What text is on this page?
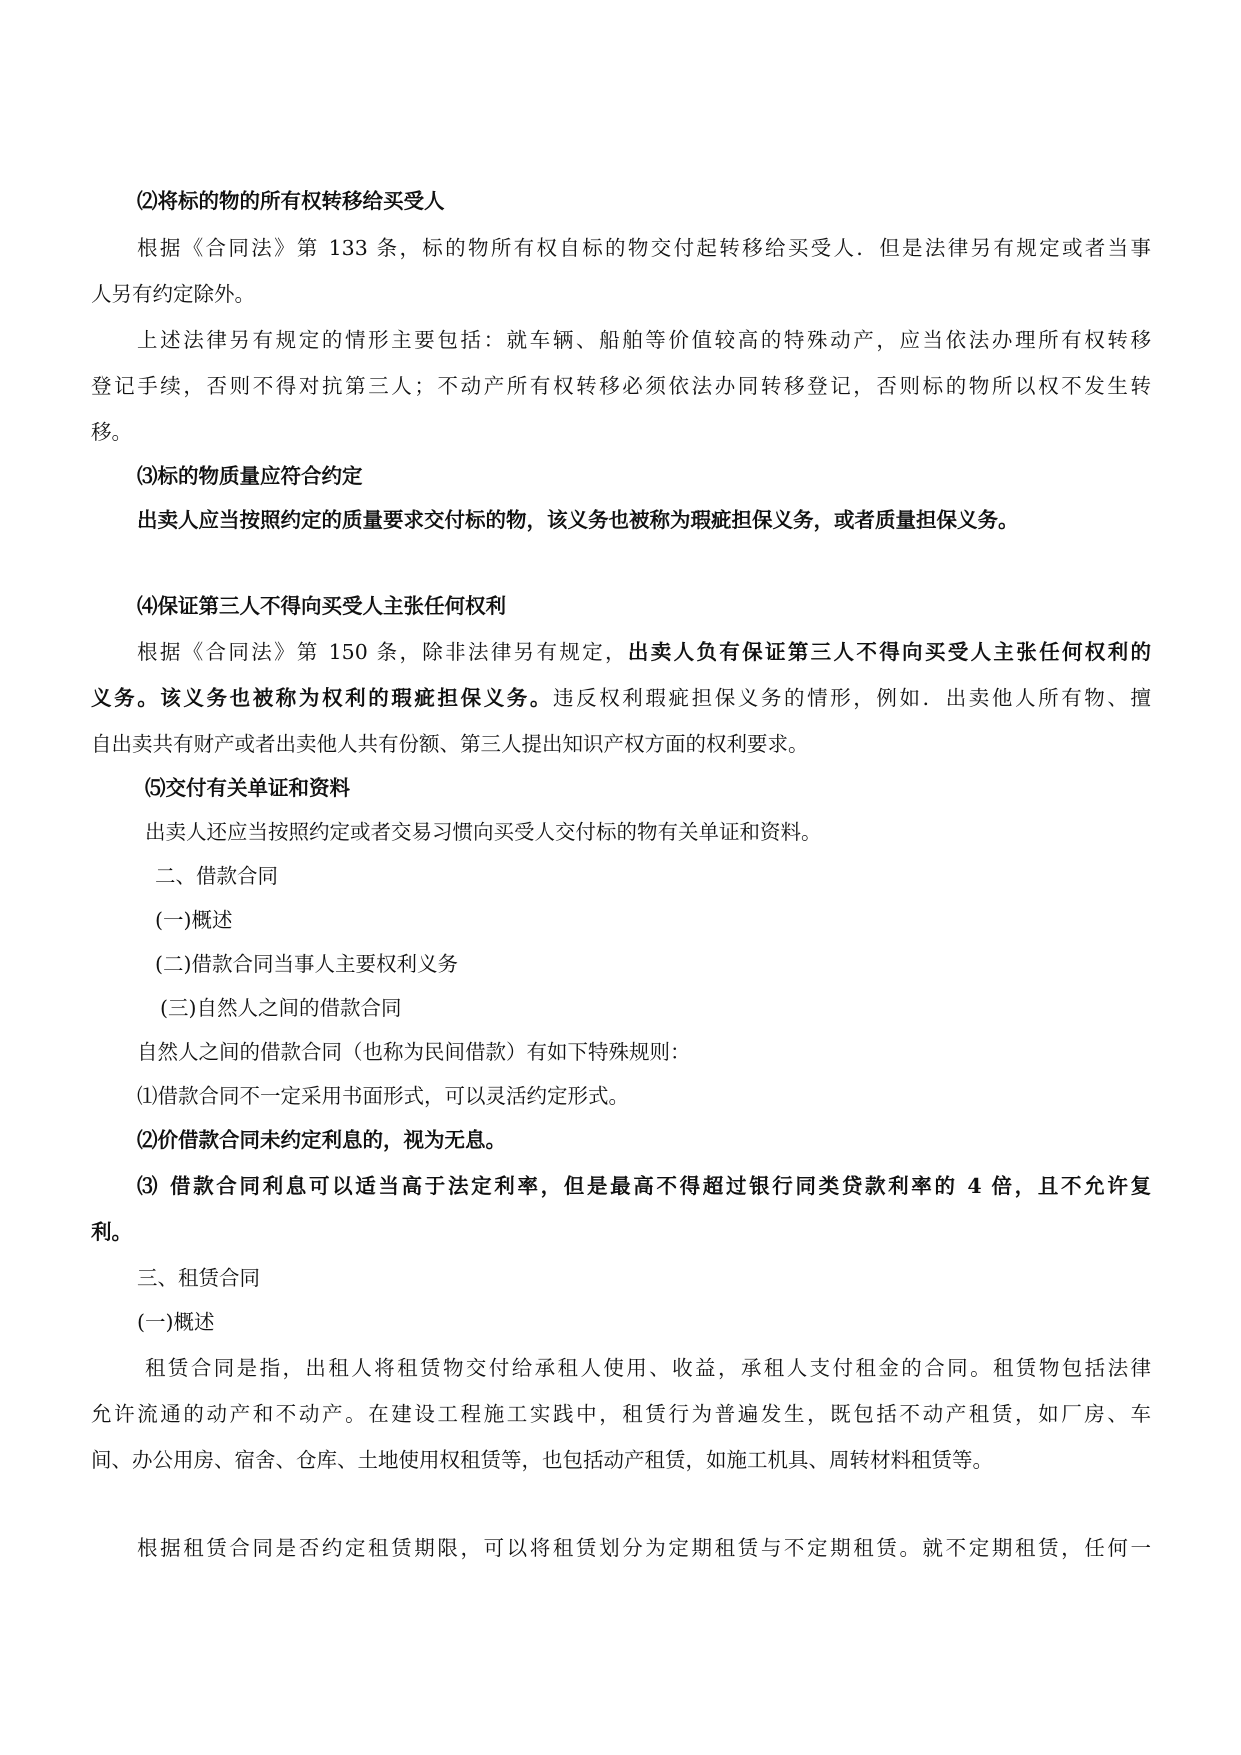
⑵将标的物的所有权转移给买受人
根据《合同法》第 133 条，标的物所有权自标的物交付起转移给买受人．但是法律另有规定或者当事
人另有约定除外。
上述法律另有规定的情形主要包括：就车辆、船舶等价值较高的特殊动产，应当依法办理所有权转移
登记手续，否则不得对抗第三人；不动产所有权转移必须依法办同转移登记，否则标的物所以权不发生转
移。
⑶标的物质量应符合约定
出卖人应当按照约定的质量要求交付标的物，该义务也被称为瑕疵担保义务，或者质量担保义务。
⑷保证第三人不得向买受人主张任何权利
根据《合同法》第 150 条，除非法律另有规定，出卖人负有保证第三人不得向买受人主张任何权利的
义务。该义务也被称为权利的瑕疵担保义务。违反权利瑕疵担保义务的情形，例如．出卖他人所有物、擅
自出卖共有财产或者出卖他人共有份额、第三人提出知识产权方面的权利要求。
⑸交付有关单证和资料
出卖人还应当按照约定或者交易习惯向买受人交付标的物有关单证和资料。
二、借款合同
(一)概述
(二)借款合同当事人主要权利义务
(三)自然人之间的借款合同
自然人之间的借款合同（也称为民间借款）有如下特殊规则：
⑴借款合同不一定采用书面形式，可以灵活约定形式。
⑵价借款合同未约定利息的，视为无息。
⑶ 借款合同利息可以适当高于法定利率，但是最高不得超过银行同类贷款利率的 4 倍，且不允许复
利。
三、租赁合同
(一)概述
租赁合同是指，出租人将租赁物交付给承租人使用、收益，承租人支付租金的合同。租赁物包括法律
允许流通的动产和不动产。在建设工程施工实践中，租赁行为普遍发生，既包括不动产租赁，如厂房、车
间、办公用房、宿舍、仓库、土地使用权租赁等，也包括动产租赁，如施工机具、周转材料租赁等。
根据租赁合同是否约定租赁期限，可以将租赁划分为定期租赁与不定期租赁。就不定期租赁，任何一
